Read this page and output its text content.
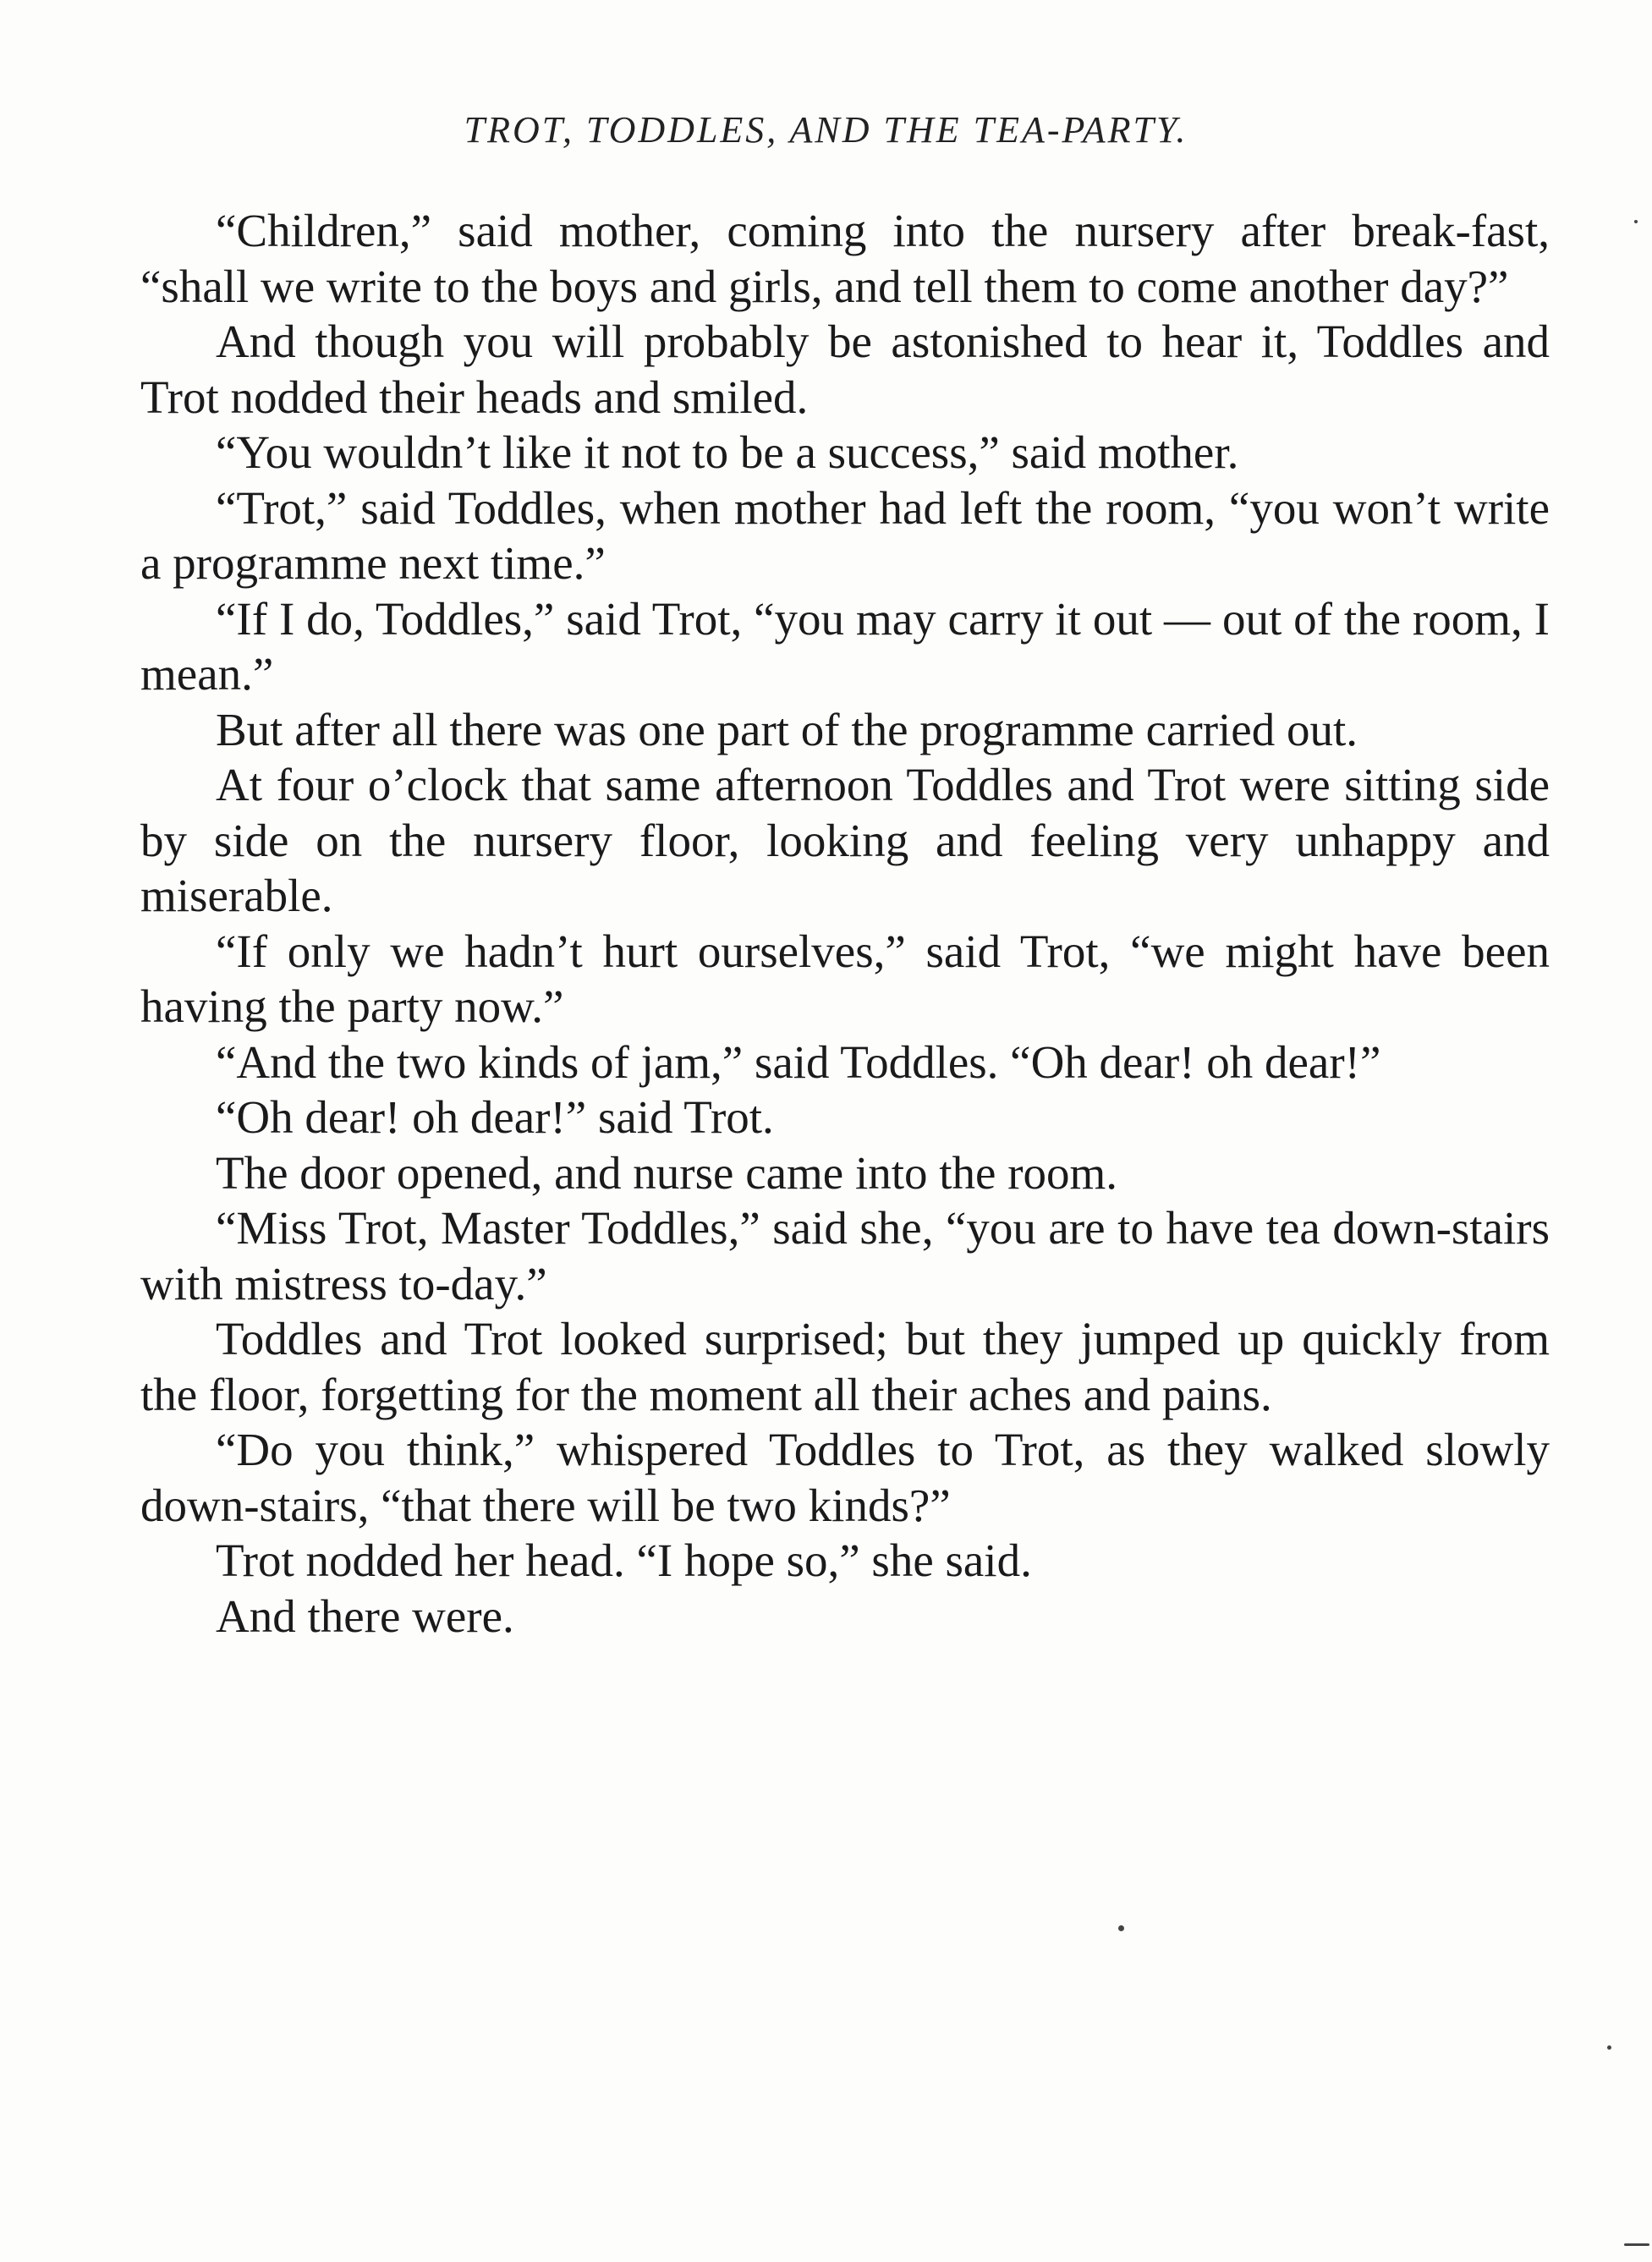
TROT, TODDLES, AND THE TEA-PARTY.

“Children,” said mother, coming into the nursery after break-fast, “shall we write to the boys and girls, and tell them to come another day?”

And though you will probably be astonished to hear it, Toddles and Trot nodded their heads and smiled.

“You wouldn’t like it not to be a success,” said mother.

“Trot,” said Toddles, when mother had left the room, “you won’t write a programme next time.”

“If I do, Toddles,” said Trot, “you may carry it out — out of the room, I mean.”

But after all there was one part of the programme carried out.

At four o’clock that same afternoon Toddles and Trot were sitting side by side on the nursery floor, looking and feeling very unhappy and miserable.

“If only we hadn’t hurt ourselves,” said Trot, “we might have been having the party now.”

“And the two kinds of jam,” said Toddles. “Oh dear! oh dear!”

“Oh dear! oh dear!” said Trot.

The door opened, and nurse came into the room.

“Miss Trot, Master Toddles,” said she, “you are to have tea down-stairs with mistress to-day.”

Toddles and Trot looked surprised; but they jumped up quickly from the floor, forgetting for the moment all their aches and pains.

“Do you think,” whispered Toddles to Trot, as they walked slowly down-stairs, “that there will be two kinds?”

Trot nodded her head. “I hope so,” she said.

And there were.
